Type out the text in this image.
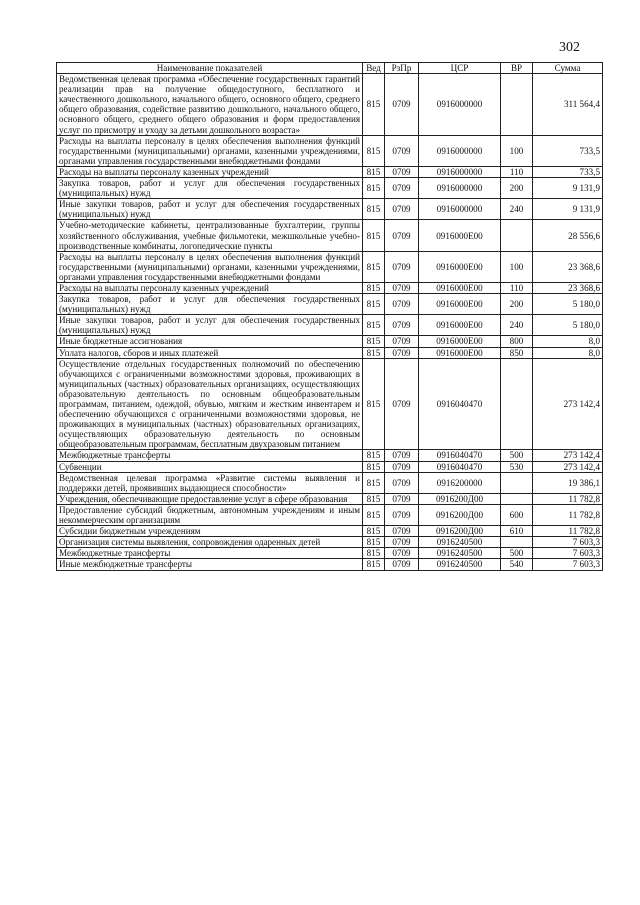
302
Наименование показателей	Вед	РзПр	ЦСР	ВР	Сумма
Ведомственная целевая программа «Обеспечение государственных гарантий реализации прав на получение общедоступного, бесплатного и качественного дошкольного, начального общего, основного общего, среднего общего образования, содействие развитию дошкольного, начального общего, основного общего, среднего общего образования и форм предоставления услуг по присмотру и уходу за детьми дошкольного возраста»	815	0709	0916000000		311 564,4
Расходы на выплаты персоналу в целях обеспечения выполнения функций государственными (муниципальными) органами, казенными учреждениями, органами управления государственными внебюджетными фондами	815	0709	0916000000	100	733,5
Расходы на выплаты персоналу казенных учреждений	815	0709	0916000000	110	733,5
Закупка товаров, работ и услуг для обеспечения государственных (муниципальных) нужд	815	0709	0916000000	200	9 131,9
Иные закупки товаров, работ и услуг для обеспечения государственных (муниципальных) нужд	815	0709	0916000000	240	9 131,9
Учебно-методические кабинеты, централизованные бухгалтерии, группы хозяйственного обслуживания, учебные фильмотеки, межшкольные учебно-производственные комбинаты, логопедические пункты	815	0709	0916000Е00		28 556,6
Расходы на выплаты персоналу в целях обеспечения выполнения функций государственными (муниципальными) органами, казенными учреждениями, органами управления государственными внебюджетными фондами	815	0709	0916000Е00	100	23 368,6
Расходы на выплаты персоналу казенных учреждений	815	0709	0916000Е00	110	23 368,6
Закупка товаров, работ и услуг для обеспечения государственных (муниципальных) нужд	815	0709	0916000Е00	200	5 180,0
Иные закупки товаров, работ и услуг для обеспечения государственных (муниципальных) нужд	815	0709	0916000Е00	240	5 180,0
Иные бюджетные ассигнования	815	0709	0916000Е00	800	8,0
Уплата налогов, сборов и иных платежей	815	0709	0916000Е00	850	8,0
Осуществление отдельных государственных полномочий по обеспечению обучающихся с ограниченными возможностями здоровья, проживающих в муниципальных (частных) образовательных организациях, осуществляющих образовательную деятельность по основным общеобразовательным программам, питанием, одеждой, обувью, мягким и жестким инвентарем и обеспечению обучающихся с ограниченными возможностями здоровья, не проживающих в муниципальных (частных) образовательных организациях, осуществляющих образовательную деятельность по основным общеобразовательным программам, бесплатным двухразовым питанием	815	0709	0916040470		273 142,4
Межбюджетные трансферты	815	0709	0916040470	500	273 142,4
Субвенции	815	0709	0916040470	530	273 142,4
Ведомственная целевая программа «Развитие системы выявления и поддержки детей, проявивших выдающиеся способности»	815	0709	0916200000		19 386,1
Учреждения, обеспечивающие предоставление услуг в сфере образования	815	0709	0916200Д00		11 782,8
Предоставление субсидий бюджетным, автономным учреждениям и иным некоммерческим организациям	815	0709	0916200Д00	600	11 782,8
Субсидии бюджетным учреждениям	815	0709	0916200Д00	610	11 782,8
Организация системы выявления, сопровождения одаренных детей	815	0709	0916240500		7 603,3
Межбюджетные трансферты	815	0709	0916240500	500	7 603,3
Иные межбюджетные трансферты	815	0709	0916240500	540	7 603,3
